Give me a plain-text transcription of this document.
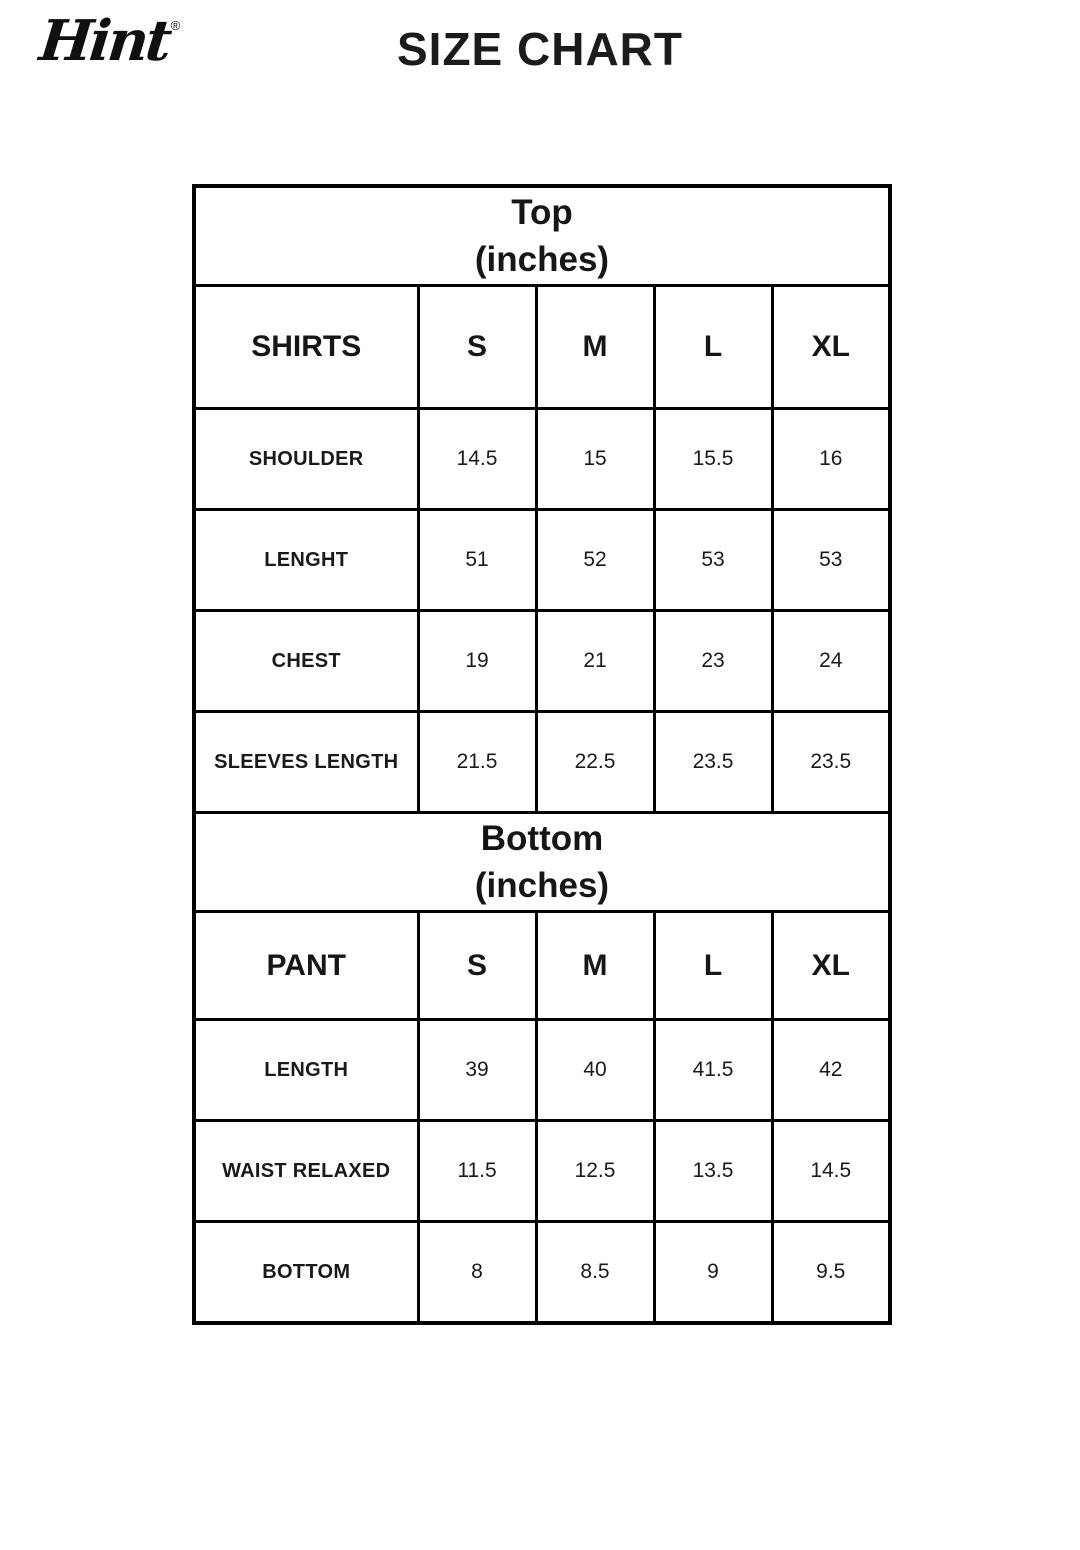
Hint®	SIZE CHART
Top
(inches)				

SHIRTS	S	M	L	XL
SHOULDER	14.5	15	15.5	16
LENGHT	51	52	53	53
CHEST	19	21	23	24
SLEEVES LENGTH	21.5	22.5	23.5	23.5

Bottom
(inches)				

PANT	S	M	L	XL
LENGTH	39	40	41.5	42
WAIST RELAXED	11.5	12.5	13.5	14.5
BOTTOM	8	8.5	9	9.5
